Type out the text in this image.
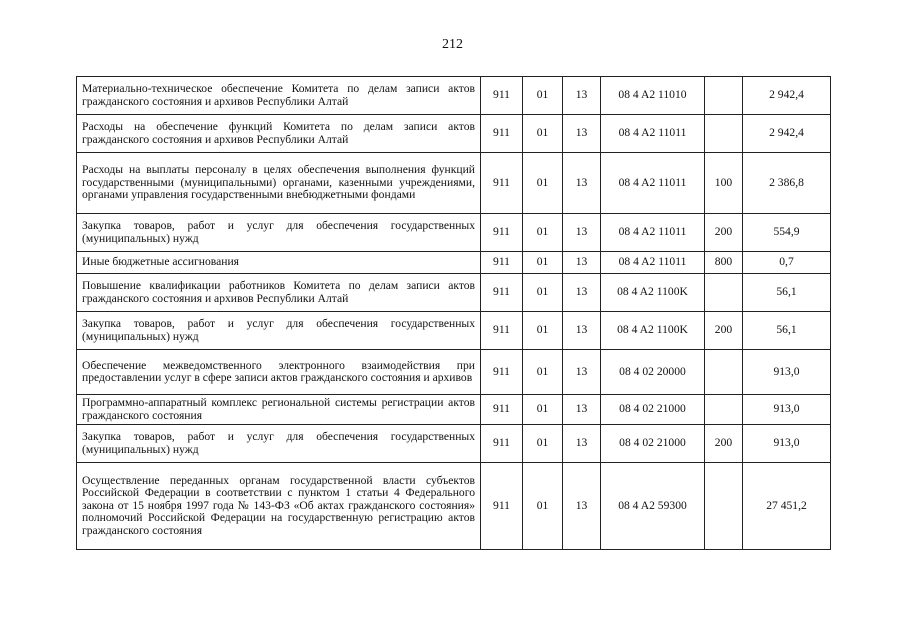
212
Материально-техническое обеспечение Комитета по делам записи актов гражданского состояния и архивов Республики Алтай	911	01	13	08 4 A2 11010		2 942,4
Расходы на обеспечение функций Комитета по делам записи актов гражданского состояния и архивов Республики Алтай	911	01	13	08 4 A2 11011		2 942,4
Расходы на выплаты персоналу в целях обеспечения выполнения функций государственными (муниципальными) органами, казенными учреждениями, органами управления государственными внебюджетными фондами	911	01	13	08 4 A2 11011	100	2 386,8
Закупка товаров, работ и услуг для обеспечения государственных (муниципальных) нужд	911	01	13	08 4 A2 11011	200	554,9
Иные бюджетные ассигнования	911	01	13	08 4 A2 11011	800	0,7
Повышение квалификации работников Комитета по делам записи актов гражданского состояния и архивов Республики Алтай	911	01	13	08 4 A2 1100K		56,1
Закупка товаров, работ и услуг для обеспечения государственных (муниципальных) нужд	911	01	13	08 4 A2 1100K	200	56,1
Обеспечение межведомственного электронного взаимодействия при предоставлении услуг в сфере записи актов гражданского состояния и архивов	911	01	13	08 4 02 20000		913,0
Программно-аппаратный комплекс региональной системы регистрации актов гражданского состояния	911	01	13	08 4 02 21000		913,0
Закупка товаров, работ и услуг для обеспечения государственных (муниципальных) нужд	911	01	13	08 4 02 21000	200	913,0
Осуществление переданных органам государственной власти субъектов Российской Федерации в соответствии с пунктом 1 статьи 4 Федерального закона от 15 ноября 1997 года № 143-ФЗ «Об актах гражданского состояния» полномочий Российской Федерации на государственную регистрацию актов гражданского состояния	911	01	13	08 4 A2 59300		27 451,2
